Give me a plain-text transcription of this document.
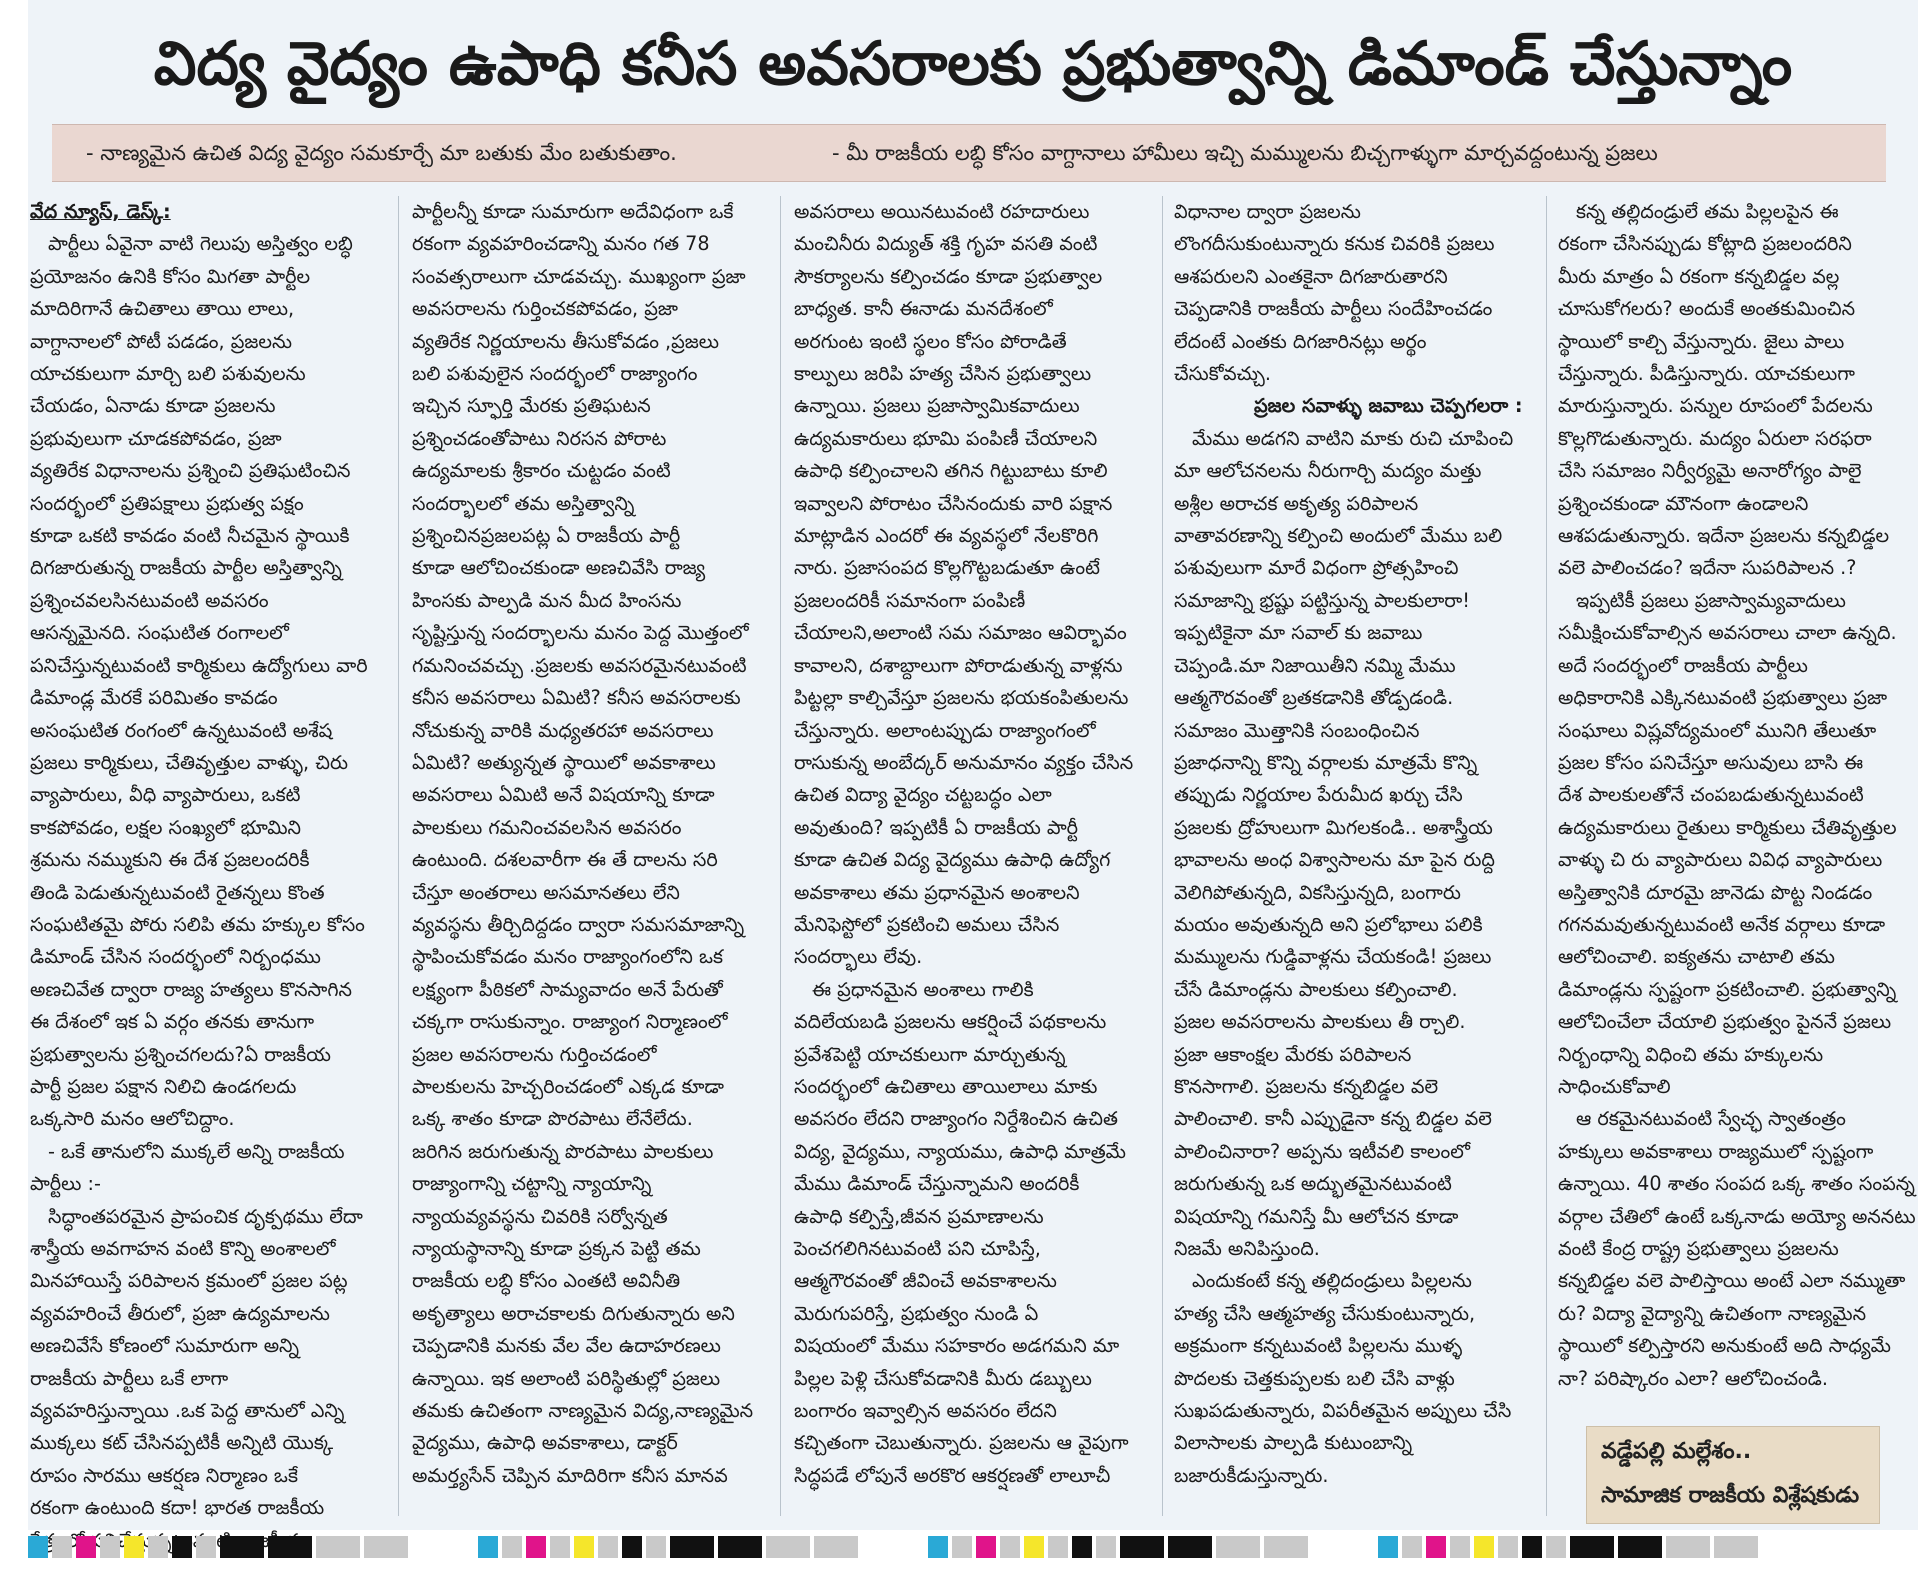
విద్య వైద్యం ఉపాధి కనీస అవసరాలకు ప్రభుత్వాన్ని డిమాండ్ చేస్తున్నాం
- నాణ్యమైన ఉచిత విద్య వైద్యం సమకూర్చే మా బతుకు మేం బతుకుతాం.	- మీ రాజకీయ లబ్ధి కోసం వాగ్దానాలు హామీలు ఇచ్చి మమ్ములను బిచ్చగాళ్ళుగా మార్చవద్దంటున్న ప్రజలు

వేద న్యూస్, డెస్క్:

పార్టీలు ఏవైనా వాటి గెలుపు అస్తిత్వం లబ్ధి

ప్రయోజనం ఉనికి కోసం మిగతా పార్టీల

మాదిరిగానే ఉచితాలు తాయి లాలు,

వాగ్దానాలలో పోటీ పడడం, ప్రజలను

యాచకులుగా మార్చి బలి పశువులను

చేయడం, ఏనాడు కూడా ప్రజలను

ప్రభువులుగా చూడకపోవడం, ప్రజా

వ్యతిరేక విధానాలను ప్రశ్నించి ప్రతిఘటించిన

సందర్భంలో ప్రతిపక్షాలు ప్రభుత్వ పక్షం

కూడా ఒకటి కావడం వంటి నీచమైన స్థాయికి

దిగజారుతున్న రాజకీయ పార్టీల అస్తిత్వాన్ని

ప్రశ్నించవలసినటువంటి అవసరం

ఆసన్నమైనది. సంఘటిత రంగాలలో

పనిచేస్తున్నటువంటి కార్మికులు ఉద్యోగులు వారి

డిమాండ్ల మేరకే పరిమితం కావడం

అసంఘటిత రంగంలో ఉన్నటువంటి అశేష

ప్రజలు కార్మికులు, చేతివృత్తుల వాళ్ళు, చిరు

వ్యాపారులు, వీధి వ్యాపారులు, ఒకటి

కాకపోవడం, లక్షల సంఖ్యలో భూమిని

శ్రమను నమ్ముకుని ఈ దేశ ప్రజలందరికీ

తిండి పెడుతున్నటువంటి రైతన్నలు కొంత

సంఘటితమై పోరు సలిపి తమ హక్కుల కోసం

డిమాండ్ చేసిన సందర్భంలో నిర్బంధము

అణచివేత ద్వారా రాజ్య హత్యలు కొనసాగిన

ఈ దేశంలో ఇక ఏ వర్గం తనకు తానుగా

ప్రభుత్వాలను ప్రశ్నించగలదు?ఏ రాజకీయ

పార్టీ ప్రజల పక్షాన నిలిచి ఉండగలదు

ఒక్కసారి మనం ఆలోచిద్దాం.

- ఒకే తానులోని ముక్కలే అన్ని రాజకీయ

పార్టీలు :-

సిద్ధాంతపరమైన ప్రాపంచిక దృక్పథము లేదా

శాస్త్రీయ అవగాహన వంటి కొన్ని అంశాలలో

మినహాయిస్తే పరిపాలన క్రమంలో ప్రజల పట్ల

వ్యవహరించే తీరులో, ప్రజా ఉద్యమాలను

అణచివేసే కోణంలో సుమారుగా అన్ని

రాజకీయ పార్టీలు ఒకే లాగా

వ్యవహరిస్తున్నాయి .ఒక పెద్ద తానులో ఎన్ని

ముక్కలు కట్ చేసినప్పటికీ అన్నిటి యొక్క

రూపం సారము ఆకర్షణ నిర్మాణం ఒకే

రకంగా ఉంటుంది కదా! భారత రాజకీయ

పార్టీలన్నీ కూడా సుమారుగా అదేవిధంగా ఒకే

రకంగా వ్యవహరించడాన్ని మనం గత 78

సంవత్సరాలుగా చూడవచ్చు. ముఖ్యంగా ప్రజా

అవసరాలను గుర్తించకపోవడం, ప్రజా

వ్యతిరేక నిర్ణయాలను తీసుకోవడం ,ప్రజలు

బలి పశువులైన సందర్భంలో రాజ్యాంగం

ఇచ్చిన స్ఫూర్తి మేరకు ప్రతిఘటన

ప్రశ్నించడంతోపాటు నిరసన పోరాట

ఉద్యమాలకు శ్రీకారం చుట్టడం వంటి

సందర్భాలలో తమ అస్తిత్వాన్ని

ప్రశ్నించినప్రజలపట్ల ఏ రాజకీయ పార్టీ

కూడా ఆలోచించకుండా అణచివేసి రాజ్య

హింసకు పాల్పడి మన మీద హింసను

సృష్టిస్తున్న సందర్భాలను మనం పెద్ద మొత్తంలో

గమనించవచ్చు .ప్రజలకు అవసరమైనటువంటి

కనీస అవసరాలు ఏమిటి? కనీస అవసరాలకు

నోచుకున్న వారికి మధ్యతరహా అవసరాలు

ఏమిటి? అత్యున్నత స్థాయిలో అవకాశాలు

అవసరాలు ఏమిటి అనే విషయాన్ని కూడా

పాలకులు గమనించవలసిన అవసరం

ఉంటుంది. దశలవారీగా ఈ తే దాలను సరి

చేస్తూ అంతరాలు అసమానతలు లేని

వ్యవస్థను తీర్చిదిద్దడం ద్వారా సమసమాజాన్ని

స్థాపించుకోవడం మనం రాజ్యాంగంలోని ఒక

లక్ష్యంగా పీఠికలో సామ్యవాదం అనే పేరుతో

చక్కగా రాసుకున్నాం. రాజ్యాంగ నిర్మాణంలో

ప్రజల అవసరాలను గుర్తించడంలో

పాలకులను హెచ్చరించడంలో ఎక్కడ కూడా

ఒక్క శాతం కూడా పొరపాటు లేనేలేదు.

జరిగిన జరుగుతున్న పొరపాటు పాలకులు

రాజ్యాంగాన్ని చట్టాన్ని న్యాయాన్ని

న్యాయవ్యవస్థను చివరికి సర్వోన్నత

న్యాయస్థానాన్ని కూడా ప్రక్కన పెట్టి తమ

రాజకీయ లబ్ధి కోసం ఎంతటి అవినీతి

అకృత్యాలు అరాచకాలకు దిగుతున్నారు అని

చెప్పడానికి మనకు వేల వేల ఉదాహరణలు

ఉన్నాయి. ఇక అలాంటి పరిస్థితుల్లో ప్రజలు

తమకు ఉచితంగా నాణ్యమైన విద్య,నాణ్యమైన

వైద్యము, ఉపాధి అవకాశాలు, డాక్టర్

అమర్త్యసేన్ చెప్పిన మాదిరిగా కనీస మానవ

అవసరాలు అయినటువంటి రహదారులు

మంచినీరు విద్యుత్ శక్తి గృహ వసతి వంటి

సౌకర్యాలను కల్పించడం కూడా ప్రభుత్వాల

బాధ్యత. కానీ ఈనాడు మనదేశంలో

అరగుంట ఇంటి స్థలం కోసం పోరాడితే

కాల్పులు జరిపి హత్య చేసిన ప్రభుత్వాలు

ఉన్నాయి. ప్రజలు ప్రజాస్వామికవాదులు

ఉద్యమకారులు భూమి పంపిణీ చేయాలని

ఉపాధి కల్పించాలని తగిన గిట్టుబాటు కూలి

ఇవ్వాలని పోరాటం చేసినందుకు వారి పక్షాన

మాట్లాడిన ఎందరో ఈ వ్యవస్థలో నేలకొరిగి

నారు. ప్రజాసంపద కొల్లగొట్టబడుతూ ఉంటే

ప్రజలందరికీ సమానంగా పంపిణీ

చేయాలని,అలాంటి సమ సమాజం ఆవిర్భావం

కావాలని, దశాబ్దాలుగా పోరాడుతున్న వాళ్లను

పిట్టల్లా కాల్చివేస్తూ ప్రజలను భయకంపితులను

చేస్తున్నారు. అలాంటప్పుడు రాజ్యాంగంలో

రాసుకున్న అంబేద్కర్ అనుమానం వ్యక్తం చేసిన

ఉచిత విద్యా వైద్యం చట్టబద్ధం ఎలా

అవుతుంది? ఇప్పటికీ ఏ రాజకీయ పార్టీ

కూడా ఉచిత విద్య వైద్యము ఉపాధి ఉద్యోగ

అవకాశాలు తమ ప్రధానమైన అంశాలని

మేనిఫెస్టోలో ప్రకటించి అమలు చేసిన

సందర్భాలు లేవు.

ఈ ప్రధానమైన అంశాలు గాలికి

వదిలేయబడి ప్రజలను ఆకర్షించే పథకాలను

ప్రవేశపెట్టి యాచకులుగా మార్చుతున్న

సందర్భంలో ఉచితాలు తాయిలాలు మాకు

అవసరం లేదని రాజ్యాంగం నిర్దేశించిన ఉచిత

విద్య, వైద్యము, న్యాయము, ఉపాధి మాత్రమే

మేము డిమాండ్ చేస్తున్నామని అందరికీ

ఉపాధి కల్పిస్తే,జీవన ప్రమాణాలను

పెంచగలిగినటువంటి పని చూపిస్తే,

ఆత్మగౌరవంతో జీవించే అవకాశాలను

మెరుగుపరిస్తే, ప్రభుత్వం నుండి ఏ

విషయంలో మేము సహకారం అడగమని మా

పిల్లల పెళ్లి చేసుకోవడానికి మీరు డబ్బులు

బంగారం ఇవ్వాల్సిన అవసరం లేదని

కచ్చితంగా చెబుతున్నారు. ప్రజలను ఆ వైపుగా

సిద్ధపడే లోపునే అరకొర ఆకర్షణతో లాలూచీ

విధానాల ద్వారా ప్రజలను

లొంగదీసుకుంటున్నారు కనుక చివరికి ప్రజలు

ఆశపరులని ఎంతకైనా దిగజారుతారని

చెప్పడానికి రాజకీయ పార్టీలు సందేహించడం

లేదంటే ఎంతకు దిగజారినట్లు అర్థం

చేసుకోవచ్చు.

ప్రజల సవాళ్ళు జవాబు చెప్పగలరా :

మేము అడగని వాటిని మాకు రుచి చూపించి

మా ఆలోచనలను నీరుగార్చి మద్యం మత్తు

అశ్లీల అరాచక అకృత్య పరిపాలన

వాతావరణాన్ని కల్పించి అందులో మేము బలి

పశువులుగా మారే విధంగా ప్రోత్సహించి

సమాజాన్ని భ్రష్టు పట్టిస్తున్న పాలకులారా!

ఇప్పటికైనా మా సవాల్ కు జవాబు

చెప్పండి.మా నిజాయితీని నమ్మి మేము

ఆత్మగౌరవంతో బ్రతకడానికి తోడ్పడండి.

సమాజం మొత్తానికి సంబంధించిన

ప్రజాధనాన్ని కొన్ని వర్గాలకు మాత్రమే కొన్ని

తప్పుడు నిర్ణయాల పేరుమీద ఖర్చు చేసి

ప్రజలకు ద్రోహులుగా మిగలకండి.. అశాస్త్రీయ

భావాలను అంధ విశ్వాసాలను మా పైన రుద్ది

వెలిగిపోతున్నది, వికసిస్తున్నది, బంగారు

మయం అవుతున్నది అని ప్రలోభాలు పలికి

మమ్ములను గుడ్డివాళ్లను చేయకండి! ప్రజలు

చేసే డిమాండ్లను పాలకులు కల్పించాలి.

ప్రజల అవసరాలను పాలకులు తీ ర్చాలి.

ప్రజా ఆకాంక్షల మేరకు పరిపాలన

కొనసాగాలి. ప్రజలను కన్నబిడ్డల వలె

పాలించాలి. కానీ ఎప్పుడైనా కన్న బిడ్డల వలె

పాలించినారా? అప్పను ఇటీవలి కాలంలో

జరుగుతున్న ఒక అద్భుతమైనటువంటి

విషయాన్ని గమనిస్తే మీ ఆలోచన కూడా

నిజమే అనిపిస్తుంది.

ఎందుకంటే కన్న తల్లిదండ్రులు పిల్లలను

హత్య చేసి ఆత్మహత్య చేసుకుంటున్నారు,

అక్రమంగా కన్నటువంటి పిల్లలను ముళ్ళ

పొదలకు చెత్తకుప్పలకు బలి చేసి వాళ్లు

సుఖపడుతున్నారు, విపరీతమైన అప్పులు చేసి

విలాసాలకు పాల్పడి కుటుంబాన్ని

బజారుకీడుస్తున్నారు.

కన్న తల్లిదండ్రులే తమ పిల్లలపైన ఈ

రకంగా చేసినప్పుడు కోట్లాది ప్రజలందరిని

మీరు మాత్రం ఏ రకంగా కన్నబిడ్డల వల్ల

చూసుకోగలరు? అందుకే అంతకుమించిన

స్థాయిలో కాల్చి వేస్తున్నారు. జైలు పాలు

చేస్తున్నారు. పీడిస్తున్నారు. యాచకులుగా

మారుస్తున్నారు. పన్నుల రూపంలో పేదలను

కొల్లగొడుతున్నారు. మద్యం ఏరులా సరఫరా

చేసి సమాజం నిర్వీర్యమై అనారోగ్యం పాలై

ప్రశ్నించకుండా మౌనంగా ఉండాలని

ఆశపడుతున్నారు. ఇదేనా ప్రజలను కన్నబిడ్డల

వలె పాలించడం? ఇదేనా సుపరిపాలన .?

ఇప్పటికీ ప్రజలు ప్రజాస్వామ్యవాదులు

సమీక్షించుకోవాల్సిన అవసరాలు చాలా ఉన్నది.

అదే సందర్భంలో రాజకీయ పార్టీలు

అధికారానికి ఎక్కినటువంటి ప్రభుత్వాలు ప్రజా

సంఘాలు విష్లవోద్యమంలో మునిగి తేలుతూ

ప్రజల కోసం పనిచేస్తూ అసువులు బాసి ఈ

దేశ పాలకులతోనే చంపబడుతున్నటువంటి

ఉద్యమకారులు రైతులు కార్మికులు చేతివృత్తుల

వాళ్ళు చి రు వ్యాపారులు వివిధ వ్యాపారులు

అస్తిత్వానికి దూరమై జానెడు పొట్ట నిండడం

గగనమవుతున్నటువంటి అనేక వర్గాలు కూడా

ఆలోచించాలి. ఐక్యతను చాటాలి తమ

డిమాండ్లను స్పష్టంగా ప్రకటించాలి. ప్రభుత్వాన్ని

ఆలోచించేలా చేయాలి ప్రభుత్వం పైననే ప్రజలు

నిర్బంధాన్ని విధించి తమ హక్కులను

సాధించుకోవాలి

ఆ రకమైనటువంటి స్వేచ్ఛ స్వాతంత్రం

హక్కులు అవకాశాలు రాజ్యములో స్పష్టంగా

ఉన్నాయి. 40 శాతం సంపద ఒక్క శాతం సంపన్న

వర్గాల చేతిలో ఉంటే ఒక్కనాడు అయ్యో అననటు

వంటి కేంద్ర రాష్ట్ర ప్రభుత్వాలు ప్రజలను

కన్నబిడ్డల వలె పాలిస్తాయి అంటే ఎలా నమ్ముతా

రు? విద్యా వైద్యాన్ని ఉచితంగా నాణ్యమైన

స్థాయిలో కల్పిస్తారని అనుకుంటే అది సాధ్యమే

నా? పరిష్కారం ఎలా? ఆలోచించండి.

వడ్డేపల్లి మల్లేశం..
సామాజిక రాజకీయ విశ్లేషకుడు
